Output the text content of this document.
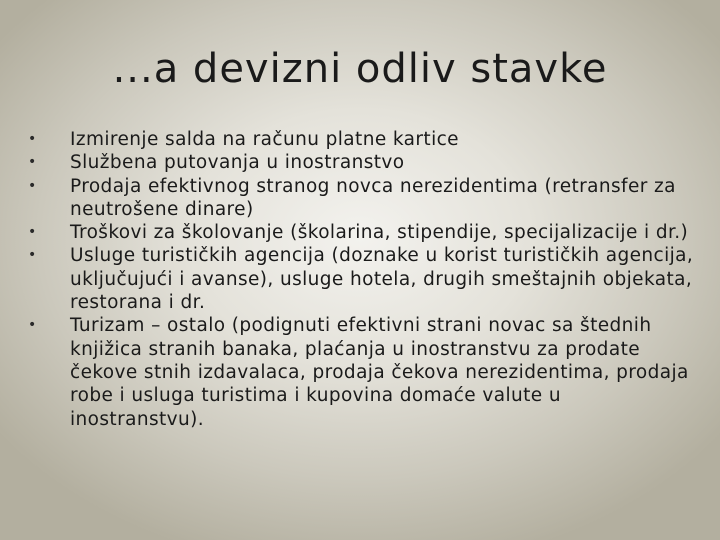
...a devizni odliv stavke
• Izmirenje salda na računu platne kartice
• Službena putovanja u inostranstvo
• Prodaja efektivnog stranog novca nerezidentima (retransfer za neutrošene dinare)
• Troškovi za školovanje (školarina, stipendije, specijalizacije i dr.)
• Usluge turističkih agencija (doznake u korist turističkih agencija, uključujući i avanse), usluge hotela, drugih smeštajnih objekata, restorana i dr.
• Turizam – ostalo (podignuti efektivni strani novac sa štednih knjižica stranih banaka, plaćanja u inostranstvu za prodate čekove stnih izdavalaca, prodaja čekova nerezidentima, prodaja robe i usluga turistima i kupovina domaće valute u inostranstvu).
